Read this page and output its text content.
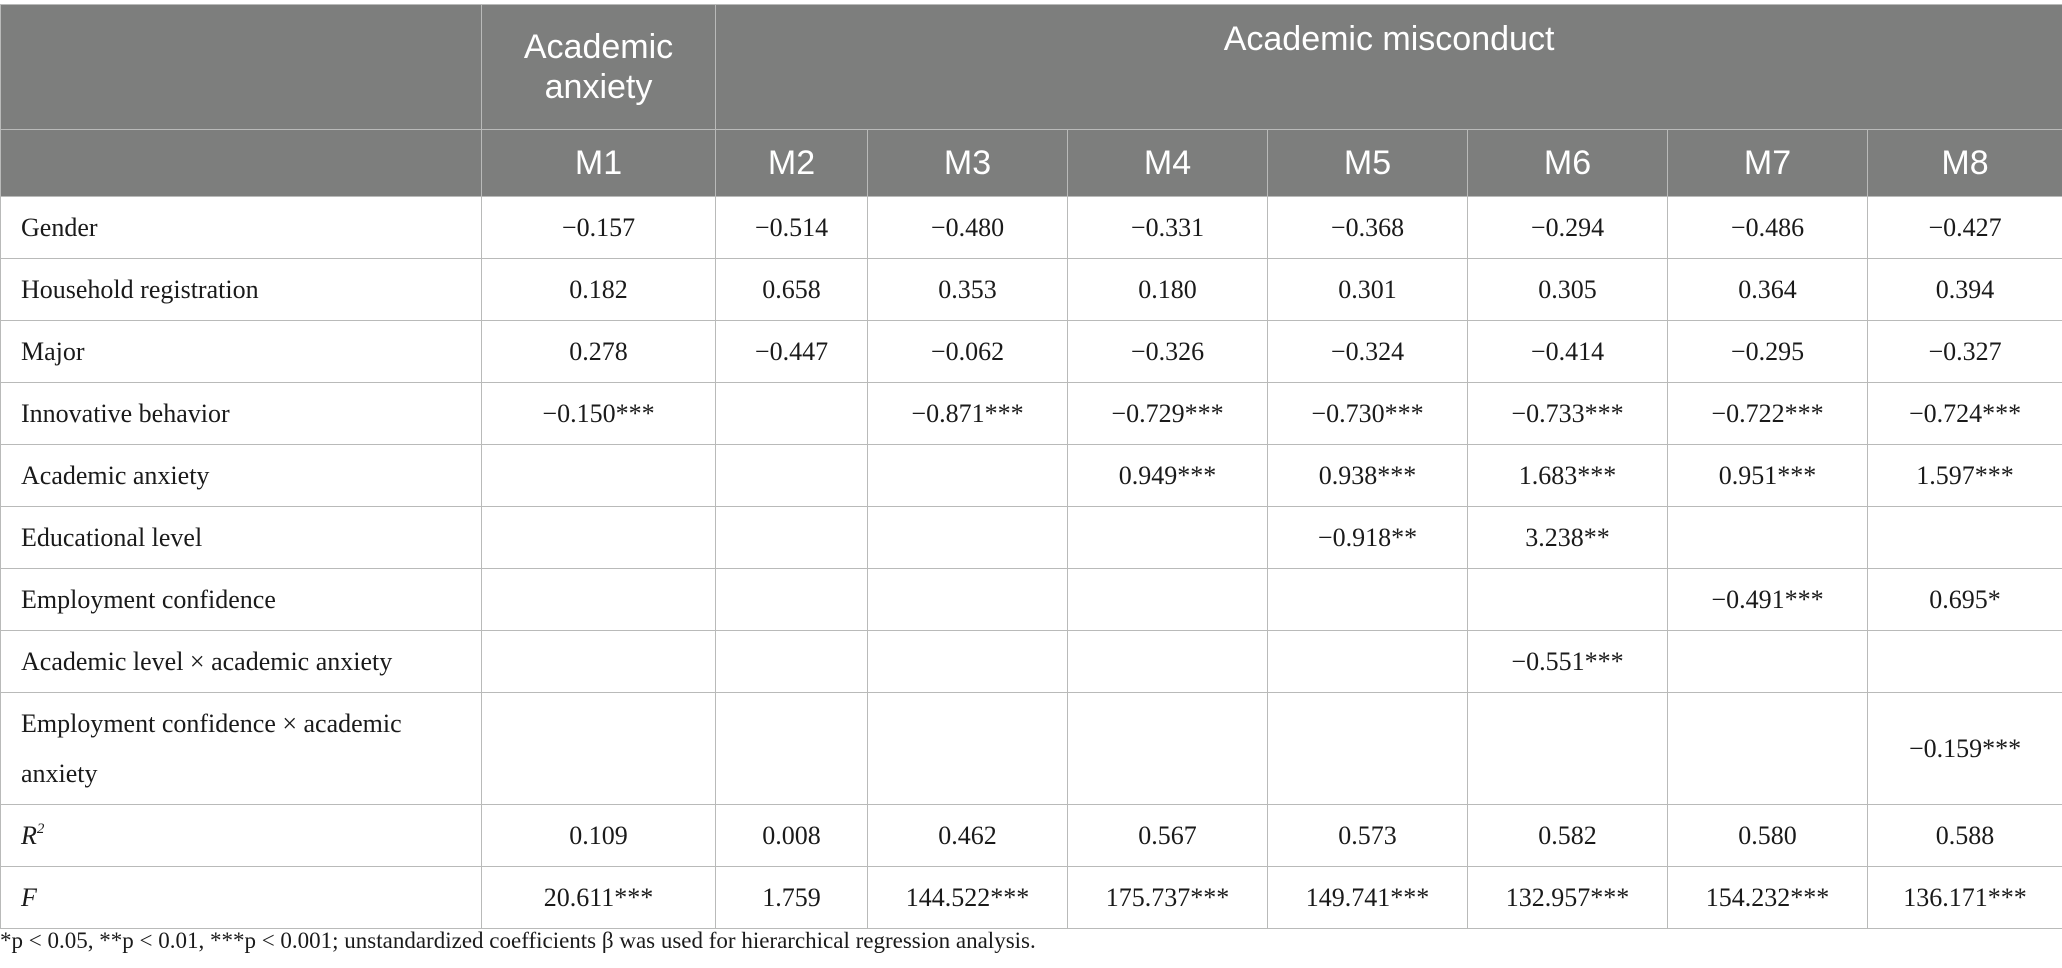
	Academic anxiety	Academic misconduct						
	M1	M2	M3	M4	M5	M6	M7	M8
Gender	−0.157	−0.514	−0.480	−0.331	−0.368	−0.294	−0.486	−0.427
Household registration	0.182	0.658	0.353	0.180	0.301	0.305	0.364	0.394
Major	0.278	−0.447	−0.062	−0.326	−0.324	−0.414	−0.295	−0.327
Innovative behavior	−0.150***		−0.871***	−0.729***	−0.730***	−0.733***	−0.722***	−0.724***
Academic anxiety				0.949***	0.938***	1.683***	0.951***	1.597***
Educational level					−0.918**	3.238**		
Employment confidence							−0.491***	0.695*
Academic level × academic anxiety						−0.551***		
Employment confidence × academic anxiety								−0.159***
$R^2$	0.109	0.008	0.462	0.567	0.573	0.582	0.580	0.588
F	20.611***	1.759	144.522***	175.737***	149.741***	132.957***	154.232***	136.171***
*p < 0.05, **p < 0.01, ***p < 0.001; unstandardized coefficients β was used for hierarchical regression analysis.
